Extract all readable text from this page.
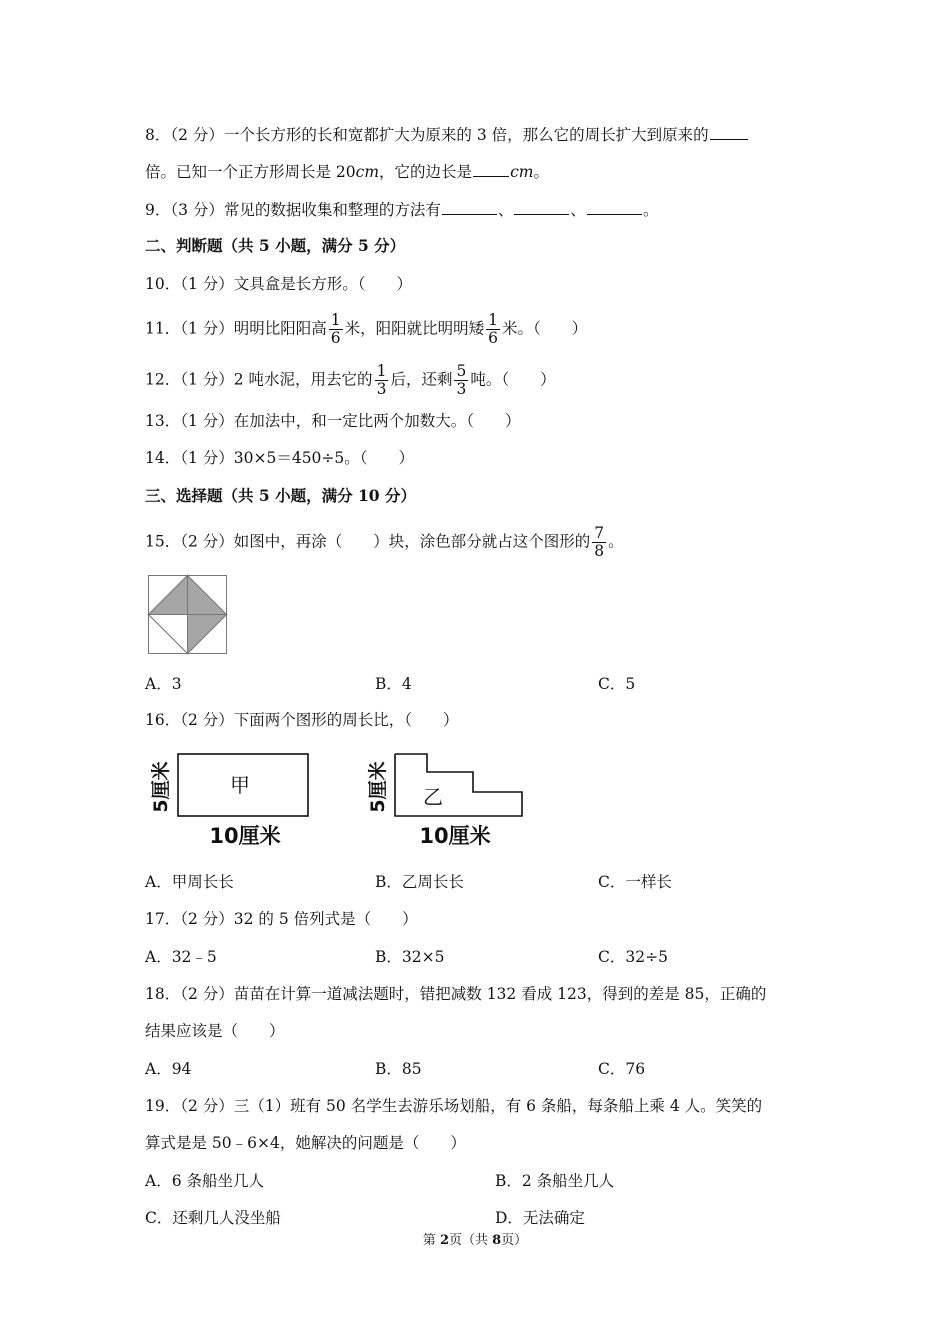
8．（2 分）一个长方形的长和宽都扩大为原来的 3 倍，那么它的周长扩大到原来的
倍。已知一个正方形周长是 20cm，它的边长是 cm。
9．（3 分）常见的数据收集和整理的方法有	、	、	。
二、判断题（共 5 小题，满分 5 分）
10．（1 分）文具盒是长方形。（　　）
11．（1 分）明明比阳阳高 $\frac{1}{6}$ 米，阳阳就比明明矮 $\frac{1}{6}$ 米。（　　）
12．（1 分）2 吨水泥，用去它的 $\frac{1}{3}$ 后，还剩 $\frac{5}{3}$ 吨。（　　）
13．（1 分）在加法中，和一定比两个加数大。（　　）
14．（1 分）30×5＝450÷5。（　　）
三、选择题（共 5 小题，满分 10 分）
15．（2 分）如图中，再涂（　　）块，涂色部分就占这个图形的 $\frac{7}{8}$ 。
A．3	B．4	C．5
16．（2 分）下面两个图形的周长比，（　　）
甲
5厘米
10厘米
乙
5厘米
10厘米
A．甲周长长	B．乙周长长	C．一样长
17．（2 分）32 的 5 倍列式是（　　）
A．32﹣5	B．32×5	C．32÷5
18．（2 分）苗苗在计算一道减法题时，错把减数 132 看成 123，得到的差是 85，正确的
结果应该是（　　）
A．94	B．85	C．76
19．（2 分）三（1）班有 50 名学生去游乐场划船，有 6 条船，每条船上乘 4 人。笑笑的
算式是是 50﹣6×4，她解决的问题是（　　）
A．6 条船坐几人	B．2 条船坐几人
C．还剩几人没坐船	D．无法确定
第 2页（共 8页）
